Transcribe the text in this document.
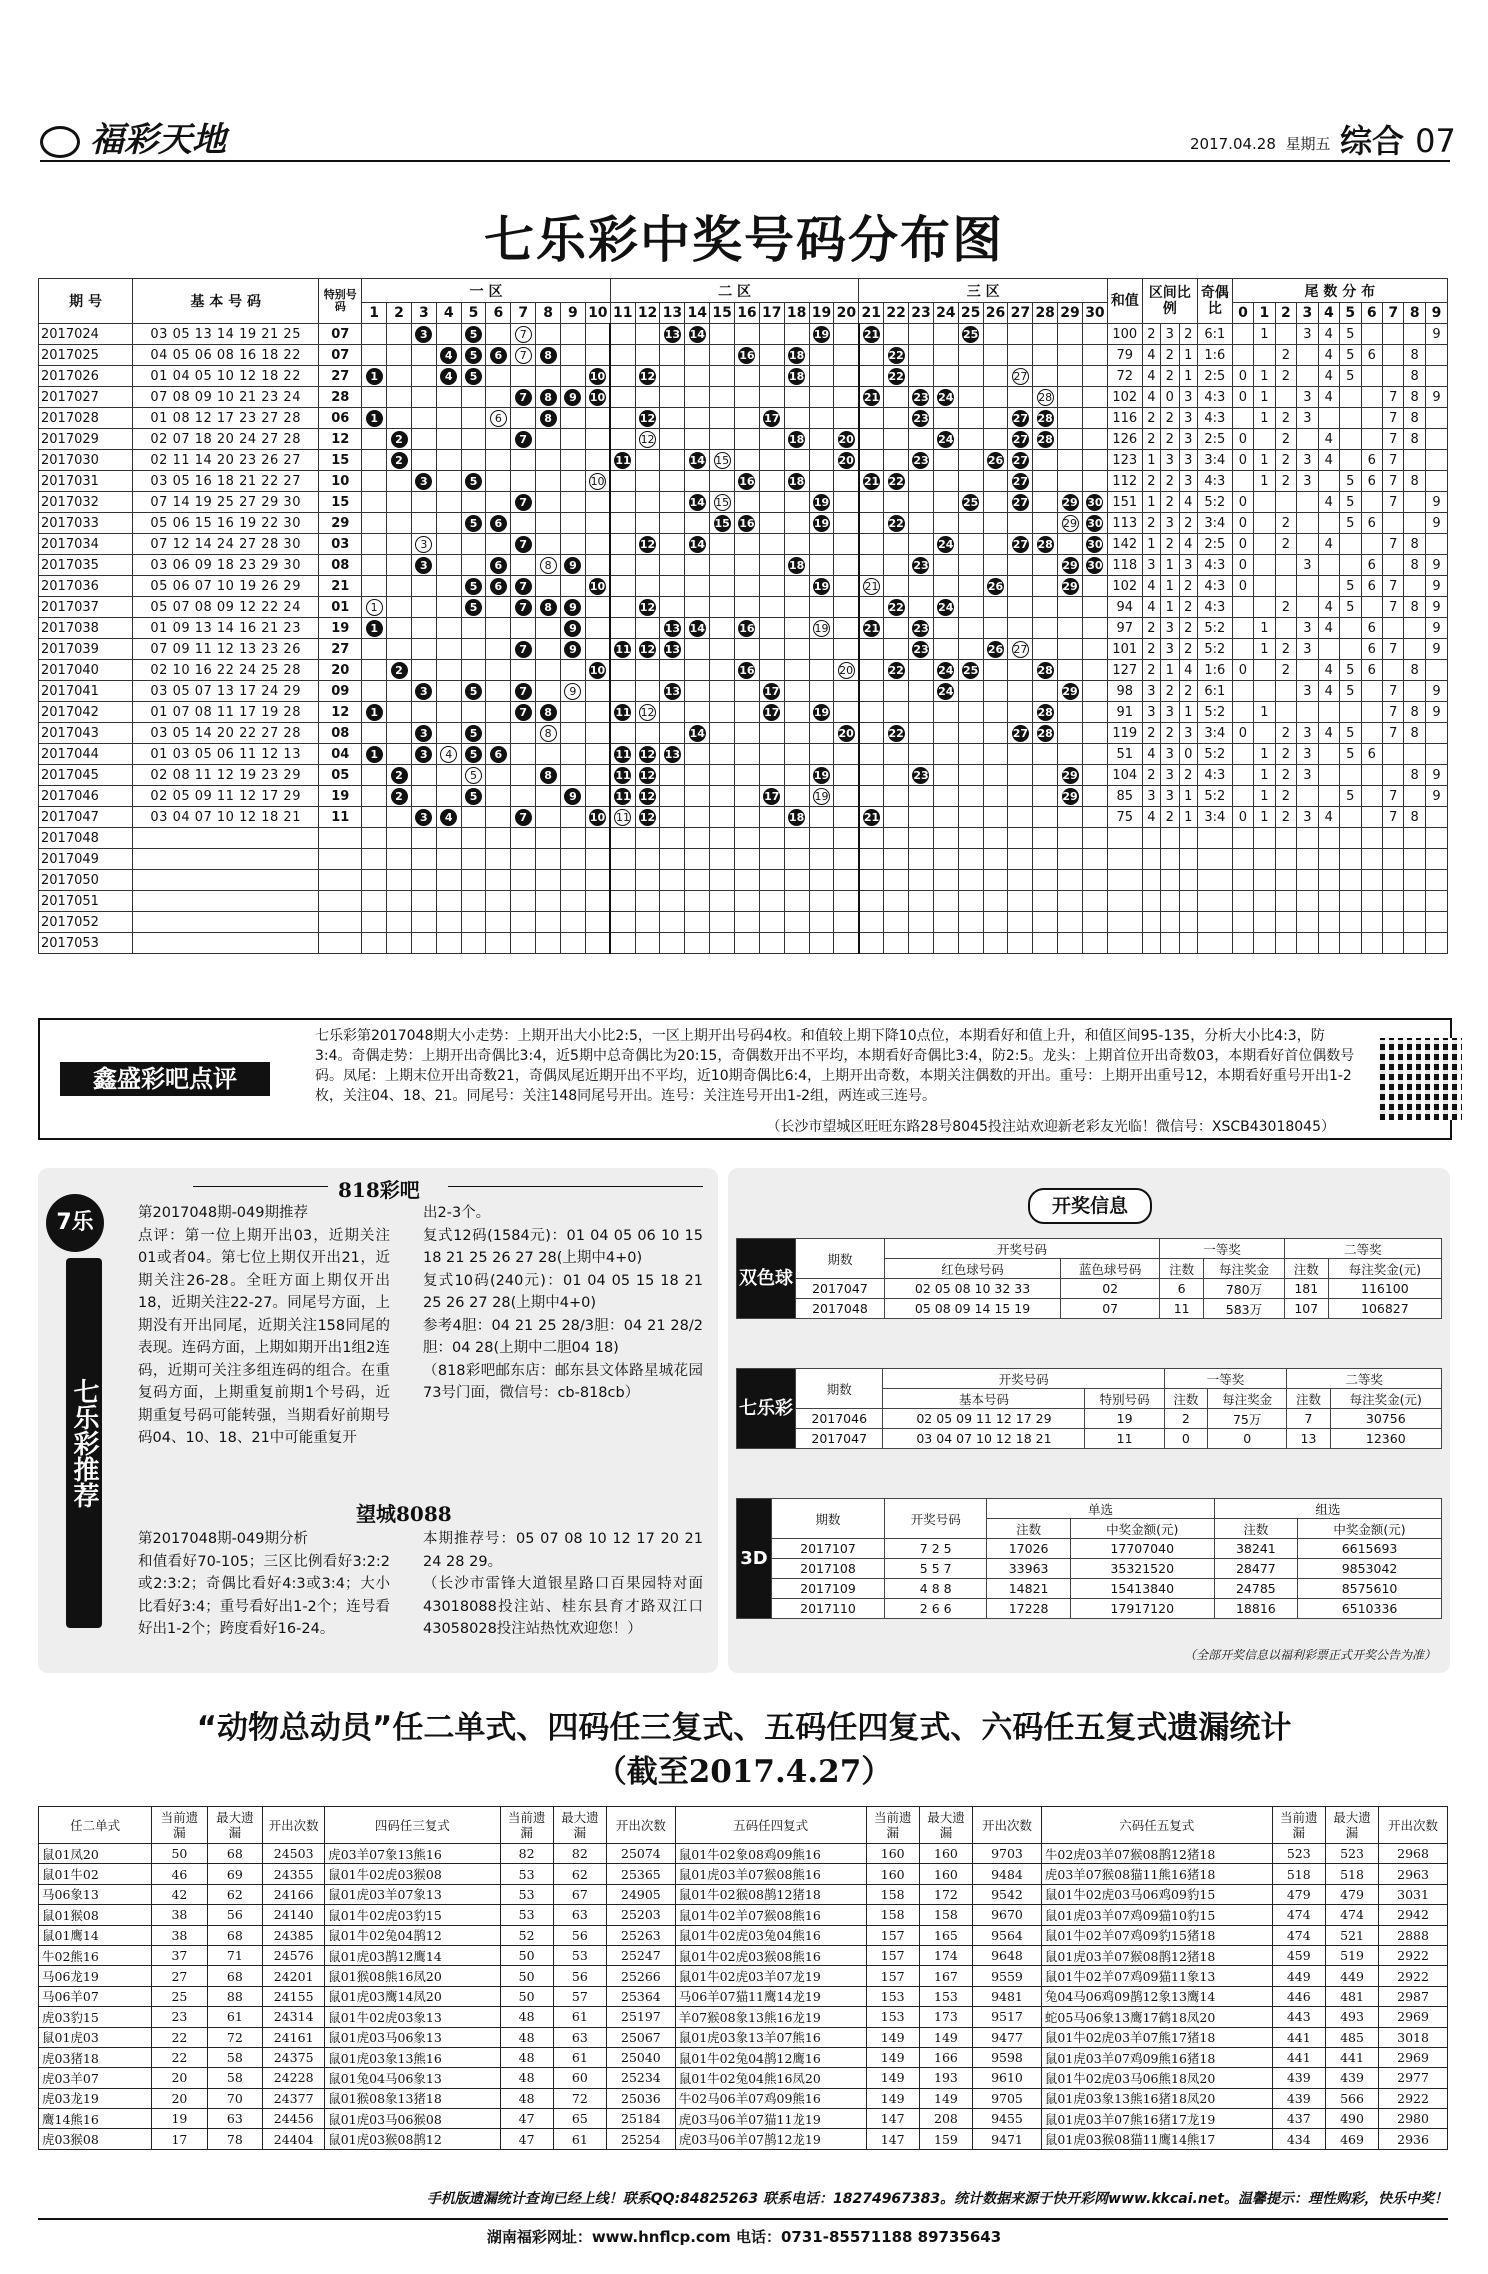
福彩天地	2017.04.28 星期五 综合 07
七乐彩中奖号码分布图
期 号	基 本 号 码	特别号码	一 区										二 区										三 区										和值	区间比例			奇偶比	尾 数 分 布									
			1	2	3	4	5	6	7	8	9	10	11	12	13	14	15	16	17	18	19	20	21	22	23	24	25	26	27	28	29	30						0	1	2	3	4	5	6	7	8	9
2017024	03 05 13 14 19 21 25	07			3		5		7						13	14					19		21				25						100	2	3	2	6:1		1		3	4	5				9
2017025	04 05 06 08 16 18 22	07				4	5	6	7	8								16		18				22									79	4	2	1	1:6			2		4	5	6		8	
2017026	01 04 05 10 12 18 22	27	1			4	5					10		12						18				22					27				72	4	2	1	2:5	0	1	2		4	5			8	
2017027	07 08 09 10 21 23 24	28							7	8	9	10											21		23	24				28			102	4	0	3	4:3	0	1		3	4			7	8	9
2017028	01 08 12 17 23 27 28	06	1					6		8				12					17						23				27	28			116	2	2	3	4:3		1	2	3				7	8	
2017029	02 07 18 20 24 27 28	12		2					7					12						18		20				24			27	28			126	2	2	3	2:5	0		2		4			7	8	
2017030	02 11 14 20 23 26 27	15		2									11			14	15					20			23			26	27				123	1	3	3	3:4	0	1	2	3	4		6	7		
2017031	03 05 16 18 21 22 27	10			3		5					10						16		18			21	22					27				112	2	2	3	4:3		1	2	3		5	6	7	8	
2017032	07 14 19 25 27 29 30	15							7							14	15				19						25		27		29	30	151	1	2	4	5:2	0				4	5		7		9
2017033	05 06 15 16 19 22 30	29					5	6									15	16			19			22							29	30	113	2	3	2	3:4	0		2			5	6			9
2017034	07 12 14 24 27 28 30	03			3				7					12		14										24			27	28		30	142	1	2	4	2:5	0		2		4			7	8	
2017035	03 06 09 18 23 29 30	08			3			6		8	9									18					23						29	30	118	3	1	3	4:3	0			3			6		8	9
2017036	05 06 07 10 19 26 29	21					5	6	7			10									19		21					26			29		102	4	1	2	4:3	0					5	6	7		9
2017037	05 07 08 09 12 22 24	01	1				5		7	8	9			12										22		24							94	4	1	2	4:3			2		4	5		7	8	9
2017038	01 09 13 14 16 21 23	19	1								9				13	14		16			19		21		23								97	2	3	2	5:2		1		3	4		6			9
2017039	07 09 11 12 13 23 26	27							7		9		11	12	13										23			26	27				101	2	3	2	5:2		1	2	3			6	7		9
2017040	02 10 16 22 24 25 28	20		2								10						16				20		22		24	25			28			127	2	1	4	1:6	0		2		4	5	6		8	
2017041	03 05 07 13 17 24 29	09			3		5		7		9				13				17							24					29		98	3	2	2	6:1				3	4	5		7		9
2017042	01 07 08 11 17 19 28	12	1						7	8			11	12					17		19									28			91	3	3	1	5:2		1						7	8	9
2017043	03 05 14 20 22 27 28	08			3		5			8						14						20		22					27	28			119	2	2	3	3:4	0		2	3	4	5		7	8	
2017044	01 03 05 06 11 12 13	04	1		3	4	5	6					11	12	13																		51	4	3	0	5:2		1	2	3		5	6			
2017045	02 08 11 12 19 23 29	05		2			5			8			11	12							19				23						29		104	2	3	2	4:3		1	2	3					8	9
2017046	02 05 09 11 12 17 29	19		2			5				9		11	12					17		19										29		85	3	3	1	5:2		1	2			5		7		9
2017047	03 04 07 10 12 18 21	11			3	4			7			10	11	12						18			21										75	4	2	1	3:4	0	1	2	3	4			7	8	
2017048																																															
2017049																																															
2017050																																															
2017051																																															
2017052																																															
2017053																																															
鑫盛彩吧点评
七乐彩第2017048期大小走势：上期开出大小比2:5，一区上期开出号码4枚。和值较上期下降10点位，本期看好和值上升，和值区间95-135，分析大小比4:3，防3:4。奇偶走势：上期开出奇偶比3:4，近5期中总奇偶比为20:15，奇偶数开出不平均，本期看好奇偶比3:4，防2:5。龙头：上期首位开出奇数03，本期看好首位偶数号码。凤尾：上期末位开出奇数21，奇偶凤尾近期开出不平均，近10期奇偶比6:4，上期开出奇数，本期关注偶数的开出。重号：上期开出重号12，本期看好重号开出1-2枚，关注04、18、21。同尾号：关注148同尾号开出。连号：关注连号开出1-2组，两连或三连号。
（长沙市望城区旺旺东路28号8045投注站欢迎新老彩友光临！微信号：XSCB43018045）
7乐
七乐彩推荐
818彩吧
第2017048期-049期推荐
点评：第一位上期开出03，近期关注01或者04。第七位上期仅开出21，近期关注26-28。全旺方面上期仅开出18，近期关注22-27。同尾号方面，上期没有开出同尾，近期关注158同尾的表现。连码方面，上期如期开出1组2连码，近期可关注多组连码的组合。在重复码方面，上期重复前期1个号码，近期重复号码可能转强，当期看好前期号码04、10、18、21中可能重复开
出2-3个。
复式12码(1584元)：01 04 05 06 10 15 18 21 25 26 27 28(上期中4+0)
复式10码(240元)：01 04 05 15 18 21 25 26 27 28(上期中4+0)
参考4胆：04 21 25 28/3胆：04 21 28/2胆：04 28(上期中二胆04 18)
（818彩吧邮东店：邮东县文体路星城花园73号门面，微信号：cb-818cb）
望城8088
第2017048期-049期分析
和值看好70-105；三区比例看好3:2:2或2:3:2；奇偶比看好4:3或3:4；大小比看好3:4；重号看好出1-2个；连号看好出1-2个；跨度看好16-24。
本期推荐号：05 07 08 10 12 17 20 21 24 28 29。
（长沙市雷锋大道银星路口百果园特对面43018088投注站、桂东县育才路双江口43058028投注站热忱欢迎您！）
开奖信息
双色球	期数	开奖号码		一等奖		二等奖	
		红色球号码	蓝色球号码	注数	每注奖金	注数	每注奖金(元)
	2017047	02 05 08 10 32 33	02	6	780万	181	116100
	2017048	05 08 09 14 15 19	07	11	583万	107	106827
七乐彩	期数	开奖号码		一等奖		二等奖	
		基本号码	特别号码	注数	每注奖金	注数	每注奖金(元)
	2017046	02 05 09 11 12 17 29	19	2	75万	7	30756
	2017047	03 04 07 10 12 18 21	11	0	0	13	12360
3D	期数	开奖号码	单选		组选	
			注数	中奖金额(元)	注数	中奖金额(元)
	2017107	7 2 5	17026	17707040	38241	6615693
	2017108	5 5 7	33963	35321520	28477	9853042
	2017109	4 8 8	14821	15413840	24785	8575610
	2017110	2 6 6	17228	17917120	18816	6510336
（全部开奖信息以福利彩票正式开奖公告为准）
“动物总动员”任二单式、四码任三复式、五码任四复式、六码任五复式遗漏统计
（截至2017.4.27）
任二单式	当前遗漏	最大遗漏	开出次数	四码任三复式	当前遗漏	最大遗漏	开出次数	五码任四复式	当前遗漏	最大遗漏	开出次数	六码任五复式	当前遗漏	最大遗漏	开出次数
鼠01凤20	50	68	24503	虎03羊07象13熊16	82	82	25074	鼠01牛02象08鸡09熊16	160	160	9703	牛02虎03羊07猴08鹊12猪18	523	523	2968
鼠01牛02	46	69	24355	鼠01牛02虎03猴08	53	62	25365	鼠01虎03羊07猴08熊16	160	160	9484	虎03羊07猴08猫11熊16猪18	518	518	2963
马06象13	42	62	24166	鼠01虎03羊07象13	53	67	24905	鼠01牛02猴08鹊12猪18	158	172	9542	鼠01牛02虎03马06鸡09豹15	479	479	3031
鼠01猴08	38	56	24140	鼠01牛02虎03豹15	53	63	25203	鼠01牛02羊07猴08熊16	158	158	9670	鼠01虎03羊07鸡09猫10豹15	474	474	2942
鼠01鹰14	38	68	24385	鼠01牛02兔04鹊12	52	56	25263	鼠01牛02虎03兔04熊16	157	165	9564	鼠01牛02羊07鸡09豹15猪18	474	521	2888
牛02熊16	37	71	24576	鼠01虎03鹊12鹰14	50	53	25247	鼠01牛02虎03猴08熊16	157	174	9648	鼠01虎03羊07猴08鹊12猪18	459	519	2922
马06龙19	27	68	24201	鼠01猴08熊16凤20	50	56	25266	鼠01牛02虎03羊07龙19	157	167	9559	鼠01牛02羊07鸡09猫11象13	449	449	2922
马06羊07	25	88	24155	鼠01虎03鹰14凤20	50	57	25364	马06羊07猫11鹰14龙19	153	153	9481	兔04马06鸡09鹊12象13鹰14	446	481	2987
虎03豹15	23	61	24314	鼠01牛02虎03象13	48	61	25197	羊07猴08象13熊16龙19	153	173	9517	蛇05马06象13鹰17鹤18凤20	443	493	2969
鼠01虎03	22	72	24161	鼠01虎03马06象13	48	63	25067	鼠01虎03象13羊07熊16	149	149	9477	鼠01牛02虎03羊07熊17猪18	441	485	3018
虎03猪18	22	58	24375	鼠01虎03象13熊16	48	61	25040	鼠01牛02兔04鹊12鹰16	149	166	9598	鼠01虎03羊07鸡09熊16猪18	441	441	2969
虎03羊07	20	58	24228	鼠01兔04马06象13	48	60	25234	鼠01牛02兔04熊16凤20	149	193	9610	鼠01牛02虎03马06熊18凤20	439	439	2977
虎03龙19	20	70	24377	鼠01猴08象13猪18	48	72	25036	牛02马06羊07鸡09熊16	149	149	9705	鼠01虎03象13熊16猪18凤20	439	566	2922
鹰14熊16	19	63	24456	鼠01虎03马06猴08	47	65	25184	虎03马06羊07猫11龙19	147	208	9455	鼠01虎03羊07熊16猪17龙19	437	490	2980
虎03猴08	17	78	24404	鼠01虎03猴08鹊12	47	61	25254	虎03马06羊07鹊12龙19	147	159	9471	鼠01虎03猴08猫11鹰14熊17	434	469	2936
手机版遗漏统计查询已经上线！联系QQ:84825263 联系电话：18274967383。统计数据来源于快开彩网www.kkcai.net。温馨提示：理性购彩，快乐中奖！
湖南福彩网址：www.hnflcp.com 电话：0731-85571188 89735643
